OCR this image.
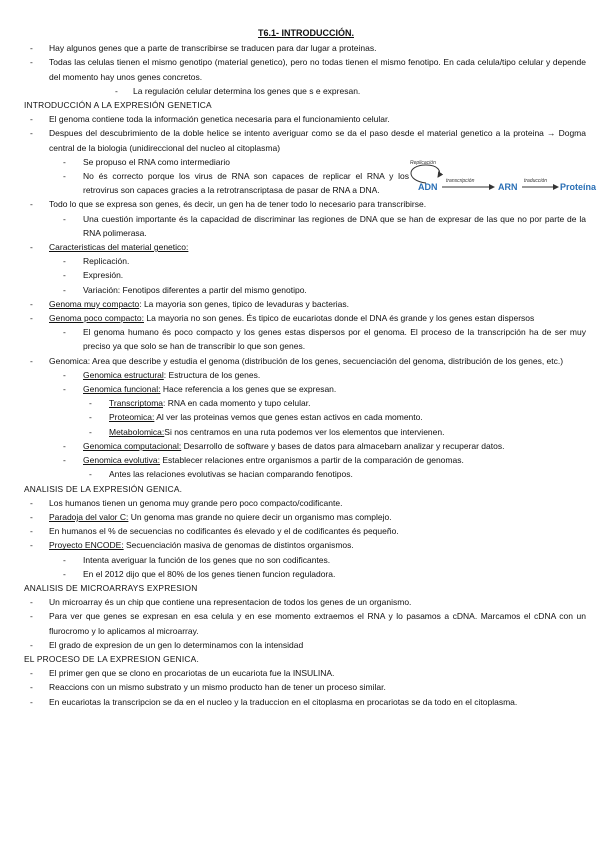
T6.1- INTRODUCCIÓN.
- Hay algunos genes que a parte de transcribirse se traducen para dar lugar a proteinas.
- Todas las celulas tienen el mismo genotipo (material genetico), pero no todas tienen el mismo fenotipo. En cada celula/tipo celular y depende del momento hay unos genes concretos.
- La regulación celular determina los genes que s e expresan.
INTRODUCCIÓN A LA EXPRESIÓN GENETICA
- El genoma contiene toda la información genetica necesaria para el funcionamiento celular.
- Despues del descubrimiento de la doble helice se intento averiguar como se da el paso desde el material genetico a la proteina → Dogma central de la biologia (unidireccional del nucleo al citoplasma)
- Se propuso el RNA como intermediario
- No és correcto porque los virus de RNA son capaces de replicar el RNA y los retrovirus son capaces gracies a la retrotranscriptasa de pasar de RNA a DNA.
- Todo lo que se expresa son genes, és decir, un gen ha de tener todo lo necesario para transcribirse.
- Una cuestión importante és la capacidad de discriminar las regiones de DNA que se han de expresar de las que no por parte de la RNA polimerasa.
- Caracteristicas del material genetico:
- Replicación.
- Expresión.
- Variación: Fenotipos diferentes a partir del mismo genotipo.
- Genoma muy compacto: La mayoria son genes, tipico de levaduras y bacterias.
- Genoma poco compacto: La mayoria no son genes. És tipico de eucariotas donde el DNA és grande y los genes estan dispersos
- El genoma humano és poco compacto y los genes estas dispersos por el genoma. El proceso de la transcripción ha de ser muy preciso ya que solo se han de transcribir lo que son genes.
- Genomica: Area que describe y estudia el genoma (distribución de los genes, secuenciación del genoma, distribución de los genes, etc.)
- Genomica estructural: Estructura de los genes.
- Genomica funcional: Hace referencia a los genes que se expresan.
- Transcriptoma: RNA en cada momento y tupo celular.
- Proteomica: Al ver las proteinas vemos que genes estan activos en cada momento.
- Metabolomica:Si nos centramos en una ruta podemos ver los elementos que intervienen.
- Genomica computacional: Desarrollo de software y bases de datos para almacebarn analizar y recuperar datos.
- Genomica evolutiva: Establecer relaciones entre organismos a partir de la comparación de genomas.
- Antes las relaciones evolutivas se hacian comparando fenotipos.
ANALISIS DE LA EXPRESIÓN GENICA.
- Los humanos tienen un genoma muy grande pero poco compacto/codificante.
- Paradoja del valor C: Un genoma mas grande no quiere decir un organismo mas complejo.
- En humanos el % de secuencias no codificantes és elevado y el de codificantes és pequeño.
- Proyecto ENCODE: Secuenciación masiva de genomas de distintos organismos.
- Intenta averiguar la función de los genes que no son codificantes.
- En el 2012 dijo que el 80% de los genes tienen funcion reguladora.
ANALISIS DE MICROARRAYS EXPRESION
- Un microarray és un chip que contiene una representacion de todos los genes de un organismo.
- Para ver que genes se expresan en esa celula y en ese momento extraemos el RNA y lo pasamos a cDNA. Marcamos el cDNA con un flurocromo y lo aplicamos al microarray.
- El grado de expresion de un gen lo determinamos con la intensidad
EL PROCESO DE LA EXPRESION GENICA.
- El primer gen que se clono en procariotas de un eucariota fue la INSULINA.
- Reaccions con un mismo substrato y un mismo producto han de tener un proceso similar.
- En eucariotas la transcripcion se da en el nucleo y la traduccion en el citoplasma en procariotas se da todo en el citoplasma.
Replicación
ADN
transcripción
ARN
traducción
Proteína
